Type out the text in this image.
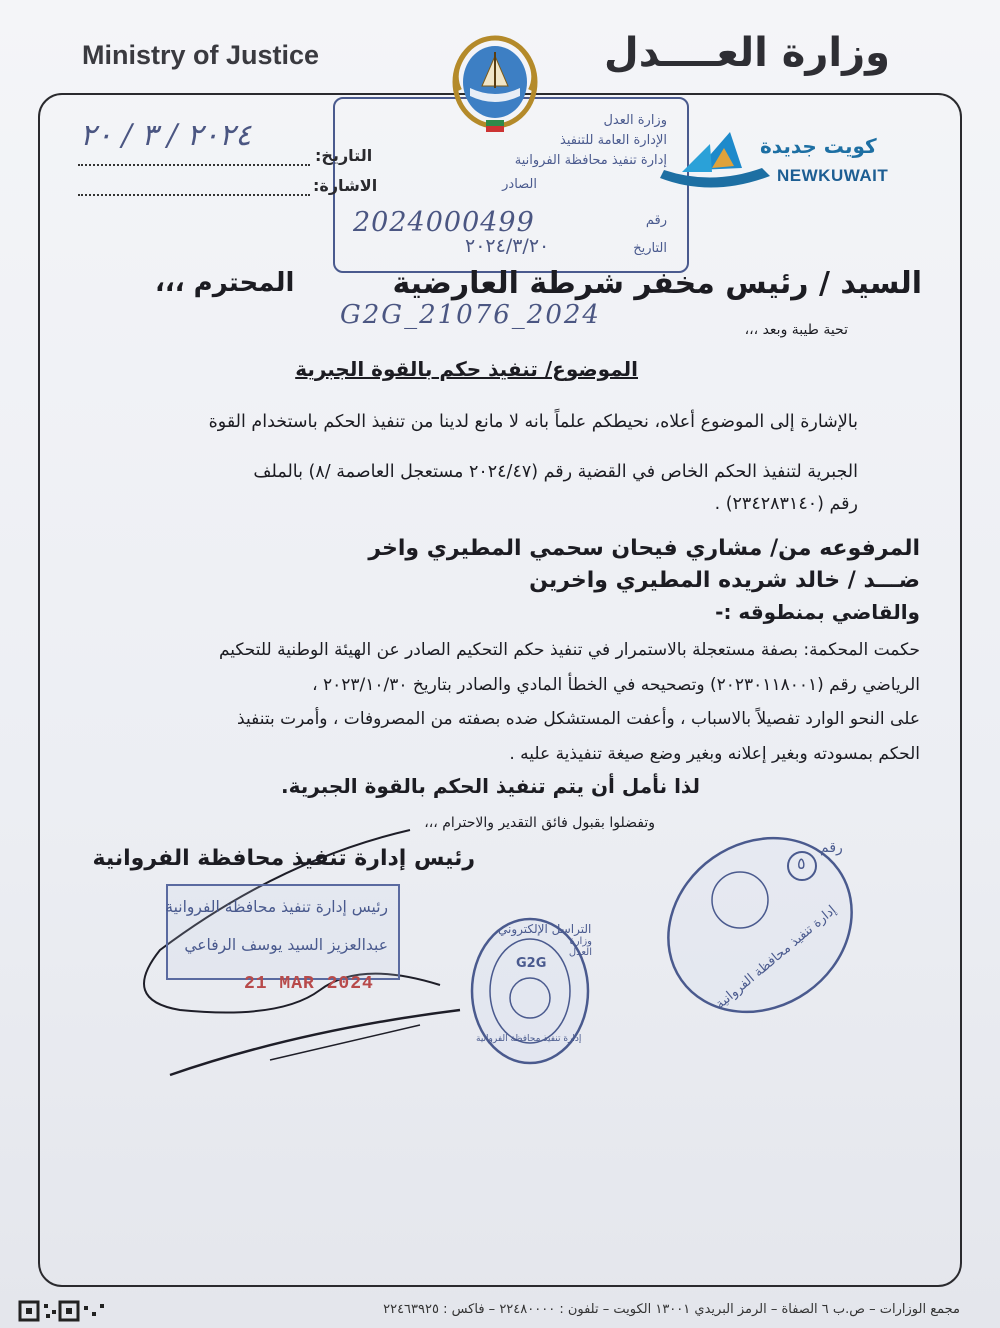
Ministry of Justice	وزارة العــــدل
وزارة العدل
الإدارة العامة للتنفيذ
إدارة تنفيذ محافظة الفروانية
الصادر
رقم
2024000499
التاريخ
٢٠٢٤/٣/٢٠
كويت جديدة
NEWKUWAIT
التاريخ:
٢٠٢٤ / ٣ / ٢٠
الاشارة:
السيد / رئيس مخفر شرطة العارضية
المحترم ،،،
G2G_21076_2024	تحية طيبة وبعد ،،،
الموضوع/ تنفيذ حكم بالقوة الجبرية
بالإشارة إلى الموضوع أعلاه، نحيطكم علماً بانه لا مانع لدينا من تنفيذ الحكم باستخدام القوة
الجبرية لتنفيذ الحكم الخاص في القضية رقم (٢٠٢٤/٤٧ مستعجل العاصمة /٨) بالملف
رقم (٢٣٤٢٨٣١٤٠) .
المرفوعه من/ مشاري فيحان سحمي المطيري واخر
ضـــد / خالد شريده المطيري واخرين
والقاضي بمنطوقه :-
حكمت المحكمة: بصفة مستعجلة بالاستمرار في تنفيذ حكم التحكيم الصادر عن الهيئة الوطنية للتحكيم
الرياضي رقم (٢٠٢٣٠١١٨٠٠١) وتصحيحه في الخطأ المادي والصادر بتاريخ ٢٠٢٣/١٠/٣٠ ،
على النحو الوارد تفصيلاً بالاسباب ، وأعفت المستشكل ضده بصفته من المصروفات ، وأمرت بتنفيذ
الحكم بمسودته وبغير إعلانه وبغير وضع صيغة تنفيذية عليه .
لذا نأمل أن يتم تنفيذ الحكم بالقوة الجبرية.
وتفضلوا بقبول فائق التقدير والاحترام ،،،
رئيس إدارة تنفيذ محافظة الفروانية
رئيس إدارة تنفيذ محافظة الفروانية
عبدالعزيز السيد يوسف الرفاعي
21 MAR 2024
التراسل الإلكتروني
G2G
وزارة العدل
إدارة تنفيذ محافظة الفروانية
رقم
٥
إدارة تنفيذ محافظة الفروانية
مجمع الوزارات – ص.ب ٦ الصفاة – الرمز البريدي ١٣٠٠١ الكويت – تلفون : ٢٢٤٨٠٠٠٠ – فاكس : ٢٢٤٦٣٩٢٥
